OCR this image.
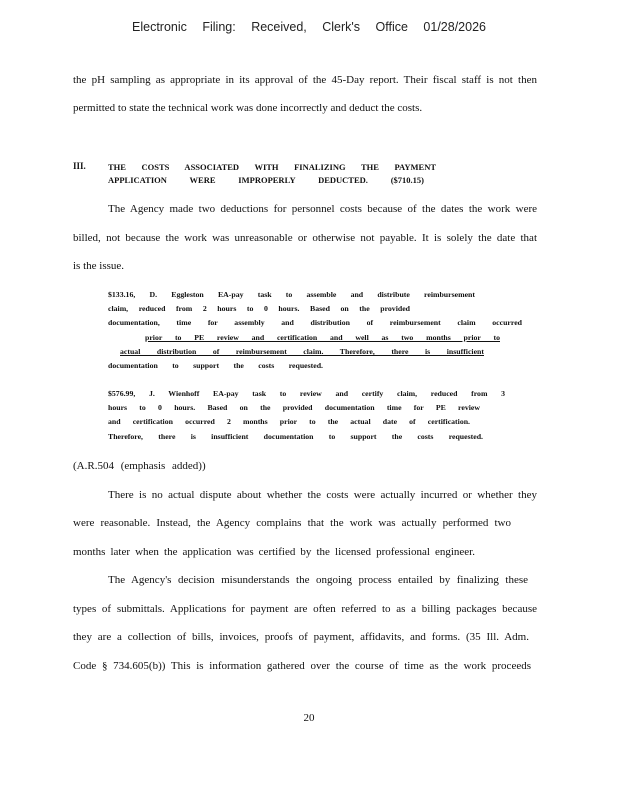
Electronic Filing: Received, Clerk's Office 01/28/2026
the pH sampling as appropriate in its approval of the 45-Day report. Their fiscal staff is not then
permitted to state the technical work was done incorrectly and deduct the costs.
III.	THE COSTS ASSOCIATED WITH FINALIZING THE PAYMENT
APPLICATION WERE IMPROPERLY DEDUCTED. ($710.15)
The Agency made two deductions for personnel costs because of the dates the work were
billed, not because the work was unreasonable or otherwise not payable. It is solely the date that
is the issue.
$133.16, D. Eggleston EA-pay task to assemble and distribute reimbursement
claim, reduced from 2 hours to 0 hours. Based on the provided
documentation, time for assembly and distribution of reimbursement claim occurred
prior to PE review and certification and well as two months prior to
actual distribution of reimbursement claim. Therefore, there is insufficient
documentation to support the costs requested.
$576.99, J. Wienhoff EA-pay task to review and certify claim, reduced from 3
hours to 0 hours. Based on the provided documentation time for PE review
and certification occurred 2 months prior to the actual date of certification.
Therefore, there is insufficient documentation to support the costs requested.
(A.R.504 (emphasis added))
There is no actual dispute about whether the costs were actually incurred or whether they
were reasonable. Instead, the Agency complains that the work was actually performed two
months later when the application was certified by the licensed professional engineer.
The Agency's decision misunderstands the ongoing process entailed by finalizing these
types of submittals. Applications for payment are often referred to as a billing packages because
they are a collection of bills, invoices, proofs of payment, affidavits, and forms. (35 Ill. Adm.
Code § 734.605(b)) This is information gathered over the course of time as the work proceeds
20
